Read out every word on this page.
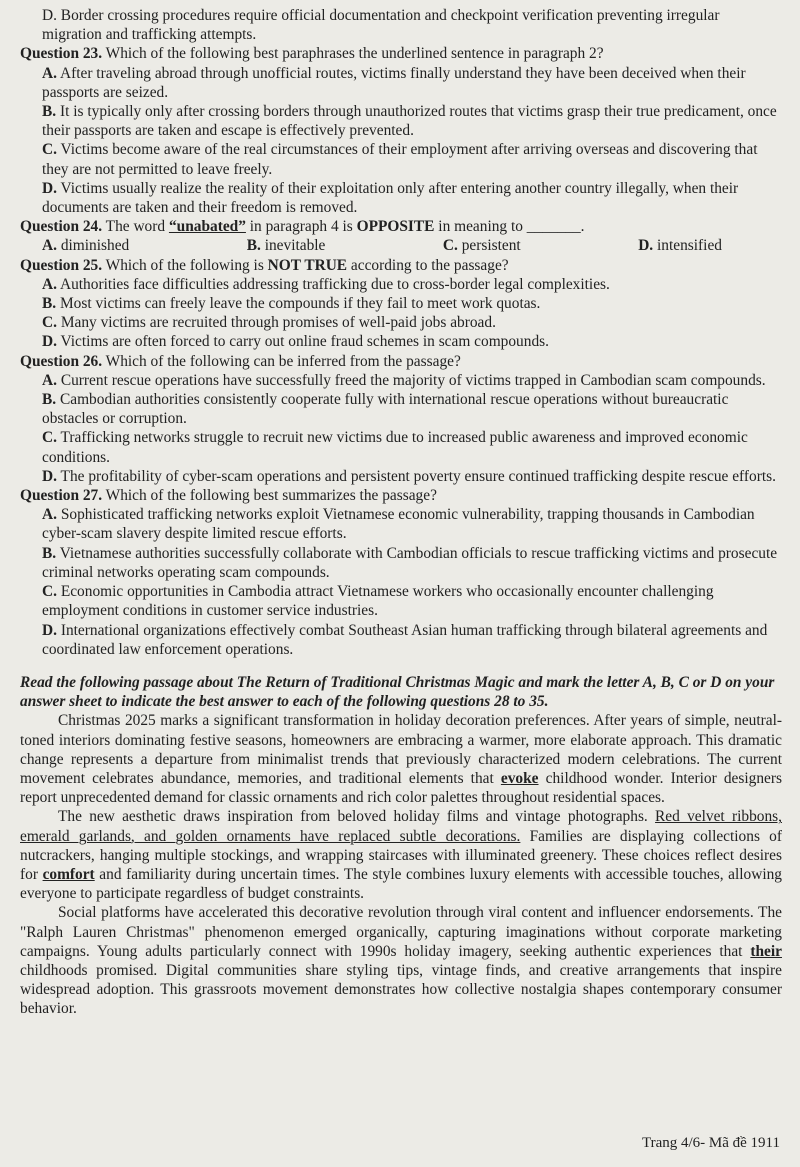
D. Border crossing procedures require official documentation and checkpoint verification preventing irregular migration and trafficking attempts.
Question 23. Which of the following best paraphrases the underlined sentence in paragraph 2?
A. After traveling abroad through unofficial routes, victims finally understand they have been deceived when their passports are seized.
B. It is typically only after crossing borders through unauthorized routes that victims grasp their true predicament, once their passports are taken and escape is effectively prevented.
C. Victims become aware of the real circumstances of their employment after arriving overseas and discovering that they are not permitted to leave freely.
D. Victims usually realize the reality of their exploitation only after entering another country illegally, when their documents are taken and their freedom is removed.
Question 24. The word “unabated” in paragraph 4 is OPPOSITE in meaning to _______.
A. diminished	B. inevitable	C. persistent	D. intensified
Question 25. Which of the following is NOT TRUE according to the passage?
A. Authorities face difficulties addressing trafficking due to cross-border legal complexities.
B. Most victims can freely leave the compounds if they fail to meet work quotas.
C. Many victims are recruited through promises of well-paid jobs abroad.
D. Victims are often forced to carry out online fraud schemes in scam compounds.
Question 26. Which of the following can be inferred from the passage?
A. Current rescue operations have successfully freed the majority of victims trapped in Cambodian scam compounds.
B. Cambodian authorities consistently cooperate fully with international rescue operations without bureaucratic obstacles or corruption.
C. Trafficking networks struggle to recruit new victims due to increased public awareness and improved economic conditions.
D. The profitability of cyber-scam operations and persistent poverty ensure continued trafficking despite rescue efforts.
Question 27. Which of the following best summarizes the passage?
A. Sophisticated trafficking networks exploit Vietnamese economic vulnerability, trapping thousands in Cambodian cyber-scam slavery despite limited rescue efforts.
B. Vietnamese authorities successfully collaborate with Cambodian officials to rescue trafficking victims and prosecute criminal networks operating scam compounds.
C. Economic opportunities in Cambodia attract Vietnamese workers who occasionally encounter challenging employment conditions in customer service industries.
D. International organizations effectively combat Southeast Asian human trafficking through bilateral agreements and coordinated law enforcement operations.
Read the following passage about The Return of Traditional Christmas Magic and mark the letter A, B, C or D on your answer sheet to indicate the best answer to each of the following questions 28 to 35.

Christmas 2025 marks a significant transformation in holiday decoration preferences. After years of simple, neutral-toned interiors dominating festive seasons, homeowners are embracing a warmer, more elaborate approach. This dramatic change represents a departure from minimalist trends that previously characterized modern celebrations. The current movement celebrates abundance, memories, and traditional elements that evoke childhood wonder. Interior designers report unprecedented demand for classic ornaments and rich color palettes throughout residential spaces.

The new aesthetic draws inspiration from beloved holiday films and vintage photographs. Red velvet ribbons, emerald garlands, and golden ornaments have replaced subtle decorations. Families are displaying collections of nutcrackers, hanging multiple stockings, and wrapping staircases with illuminated greenery. These choices reflect desires for comfort and familiarity during uncertain times. The style combines luxury elements with accessible touches, allowing everyone to participate regardless of budget constraints.

Social platforms have accelerated this decorative revolution through viral content and influencer endorsements. The "Ralph Lauren Christmas" phenomenon emerged organically, capturing imaginations without corporate marketing campaigns. Young adults particularly connect with 1990s holiday imagery, seeking authentic experiences that their childhoods promised. Digital communities share styling tips, vintage finds, and creative arrangements that inspire widespread adoption. This grassroots movement demonstrates how collective nostalgia shapes contemporary consumer behavior.

Trang 4/6- Mã đề 1911
